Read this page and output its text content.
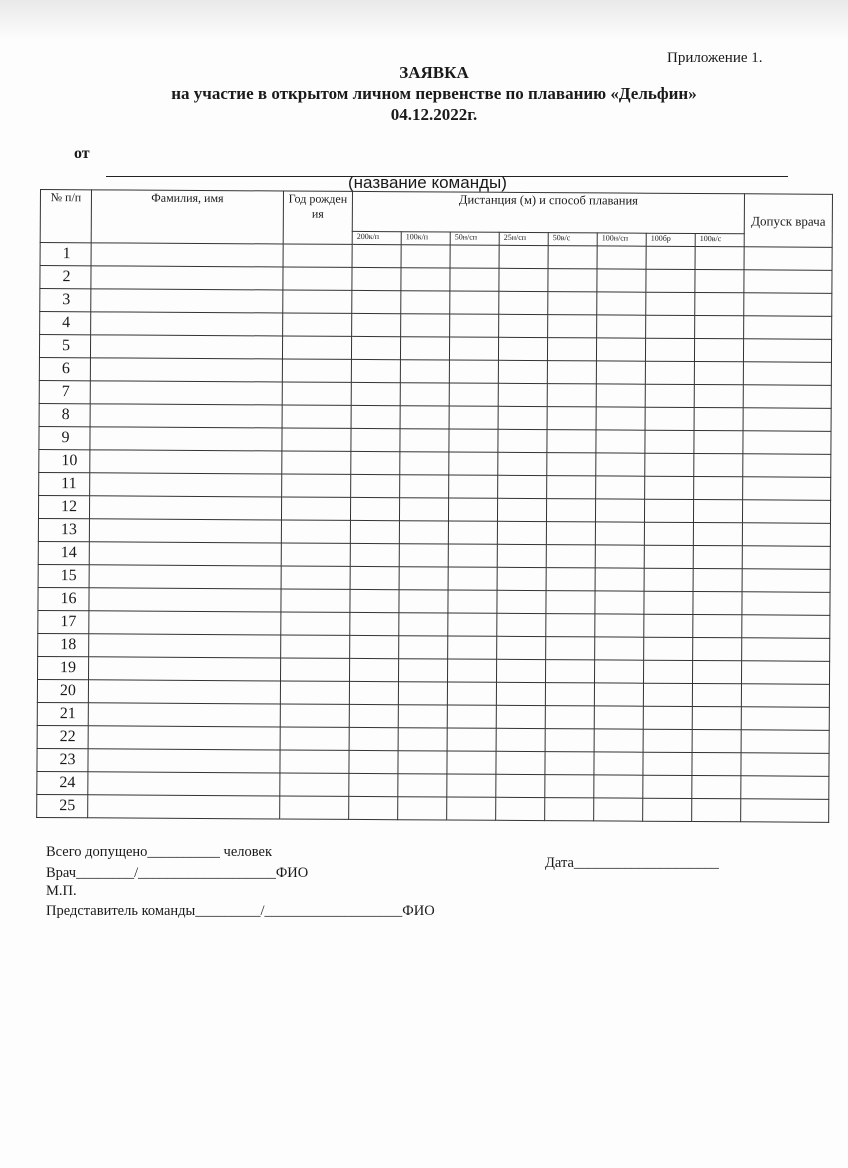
Приложение 1.
ЗАЯВКА
на участие в открытом личном первенстве по плаванию «Дельфин»
04.12.2022г.
от
(название команды)
№ п/п	Фамилия, имя	Год рожден ия	Дистанция (м) и способ плавания								Допуск врача
			200к/п	100к/п	50н/сп	25н/сп	50в/с	100н/сп	100бр	100в/с	
1											
2											
3											
4											
5											
6											
7											
8											
9											
10											
11											
12											
13											
14											
15											
16											
17											
18											
19											
20											
21											
22											
23											
24											
25											
Всего допущено__________ человек
Дата____________________
Врач________/___________________ФИО
М.П.
Представитель команды_________/___________________ФИО
